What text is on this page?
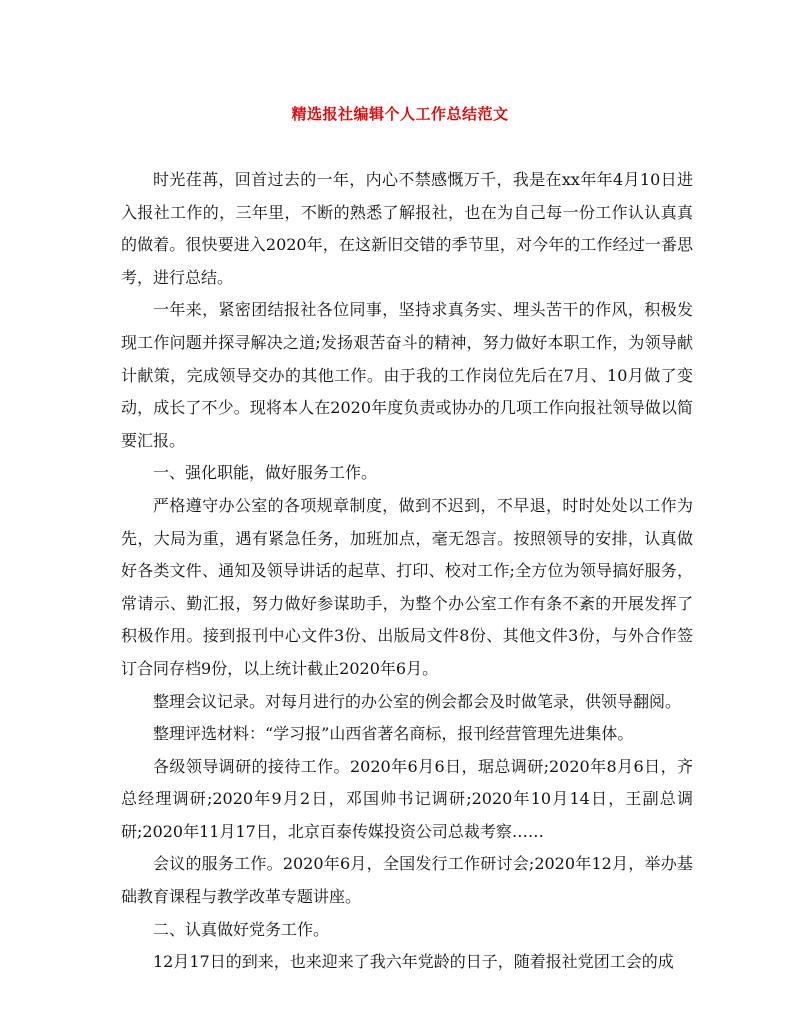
精选报社编辑个人工作总结范文

时光荏苒，回首过去的一年，内心不禁感慨万千，我是在xx年年4月10日进入报社工作的，三年里，不断的熟悉了解报社，也在为自己每一份工作认认真真的做着。很快要进入2020年，在这新旧交错的季节里，对今年的工作经过一番思考，进行总结。

一年来，紧密团结报社各位同事，坚持求真务实、埋头苦干的作风，积极发现工作问题并探寻解决之道;发扬艰苦奋斗的精神，努力做好本职工作，为领导献计献策，完成领导交办的其他工作。由于我的工作岗位先后在7月、10月做了变动，成长了不少。现将本人在2020年度负责或协办的几项工作向报社领导做以简要汇报。

一、强化职能，做好服务工作。

严格遵守办公室的各项规章制度，做到不迟到，不早退，时时处处以工作为先，大局为重，遇有紧急任务，加班加点，毫无怨言。按照领导的安排，认真做好各类文件、通知及领导讲话的起草、打印、校对工作;全方位为领导搞好服务，常请示、勤汇报，努力做好参谋助手，为整个办公室工作有条不紊的开展发挥了积极作用。接到报刊中心文件3份、出版局文件8份、其他文件3份，与外合作签订合同存档9份，以上统计截止2020年6月。

整理会议记录。对每月进行的办公室的例会都会及时做笔录，供领导翻阅。

整理评选材料：“学习报”山西省著名商标，报刊经营管理先进集体。

各级领导调研的接待工作。2020年6月6日，琚总调研;2020年8月6日，齐总经理调研;2020年9月2日，邓国帅书记调研;2020年10月14日，王副总调研;2020年11月17日，北京百泰传媒投资公司总裁考察……

会议的服务工作。2020年6月，全国发行工作研讨会;2020年12月，举办基础教育课程与教学改革专题讲座。

二、认真做好党务工作。

12月17日的到来，也来迎来了我六年党龄的日子，随着报社党团工会的成
